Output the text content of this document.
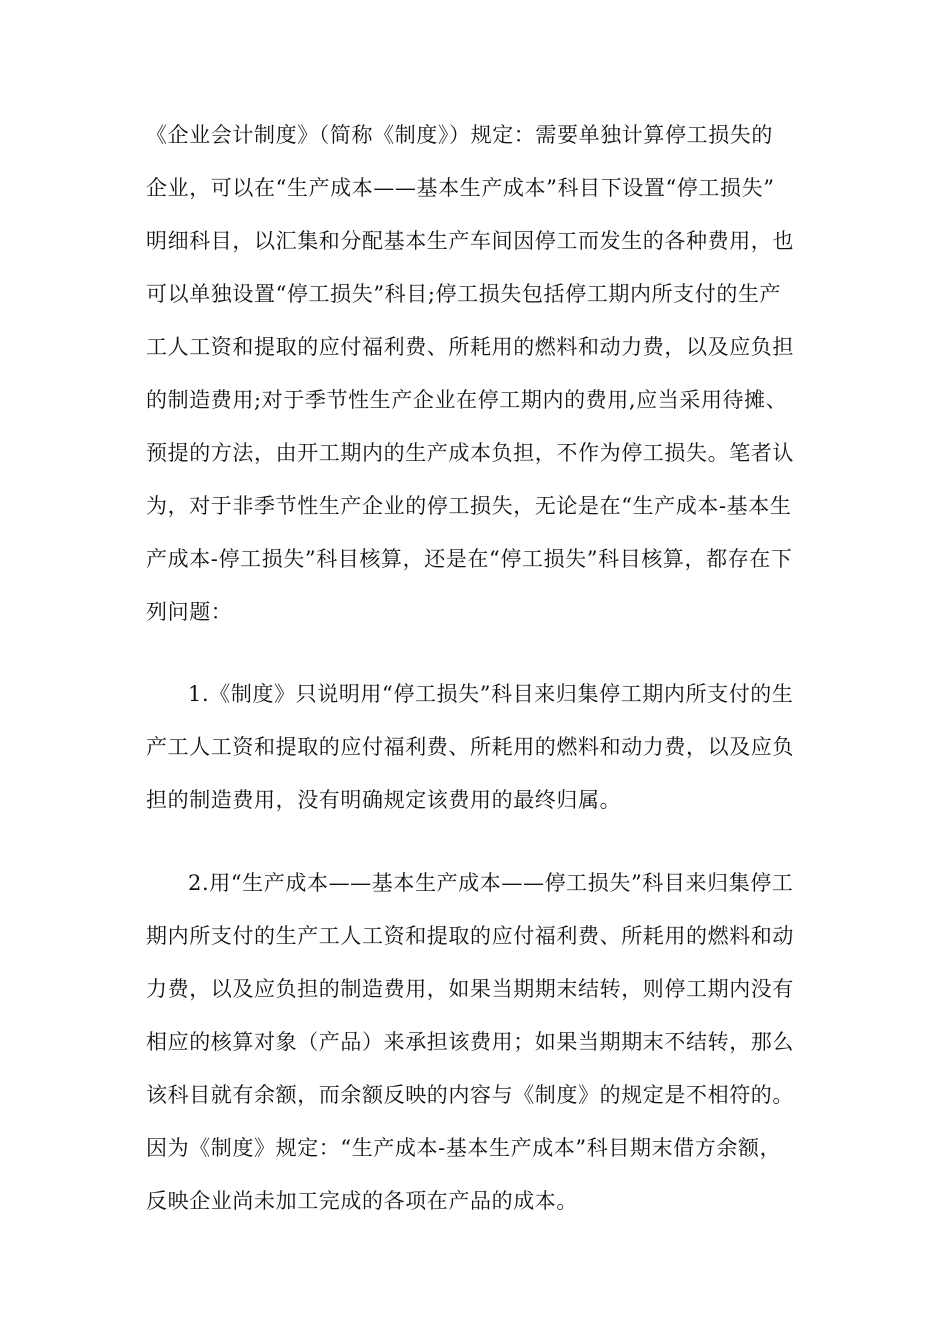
《企业会计制度》（简称《制度》）规定：需要单独计算停工损失的
企业，可以在“生产成本——基本生产成本”科目下设置“停工损失”
明细科目，以汇集和分配基本生产车间因停工而发生的各种费用，也
可以单独设置“停工损失”科目;停工损失包括停工期内所支付的生产
工人工资和提取的应付福利费、所耗用的燃料和动力费，以及应负担
的制造费用;对于季节性生产企业在停工期内的费用,应当采用待摊、
预提的方法，由开工期内的生产成本负担，不作为停工损失。笔者认
为，对于非季节性生产企业的停工损失，无论是在“生产成本-基本生
产成本-停工损失”科目核算，还是在“停工损失”科目核算，都存在下
列问题：
1.《制度》只说明用“停工损失”科目来归集停工期内所支付的生
产工人工资和提取的应付福利费、所耗用的燃料和动力费，以及应负
担的制造费用，没有明确规定该费用的最终归属。
2.用“生产成本——基本生产成本——停工损失”科目来归集停工
期内所支付的生产工人工资和提取的应付福利费、所耗用的燃料和动
力费，以及应负担的制造费用，如果当期期末结转，则停工期内没有
相应的核算对象（产品）来承担该费用；如果当期期末不结转，那么
该科目就有余额，而余额反映的内容与《制度》的规定是不相符的。
因为《制度》规定：“生产成本-基本生产成本”科目期末借方余额，
反映企业尚未加工完成的各项在产品的成本。
